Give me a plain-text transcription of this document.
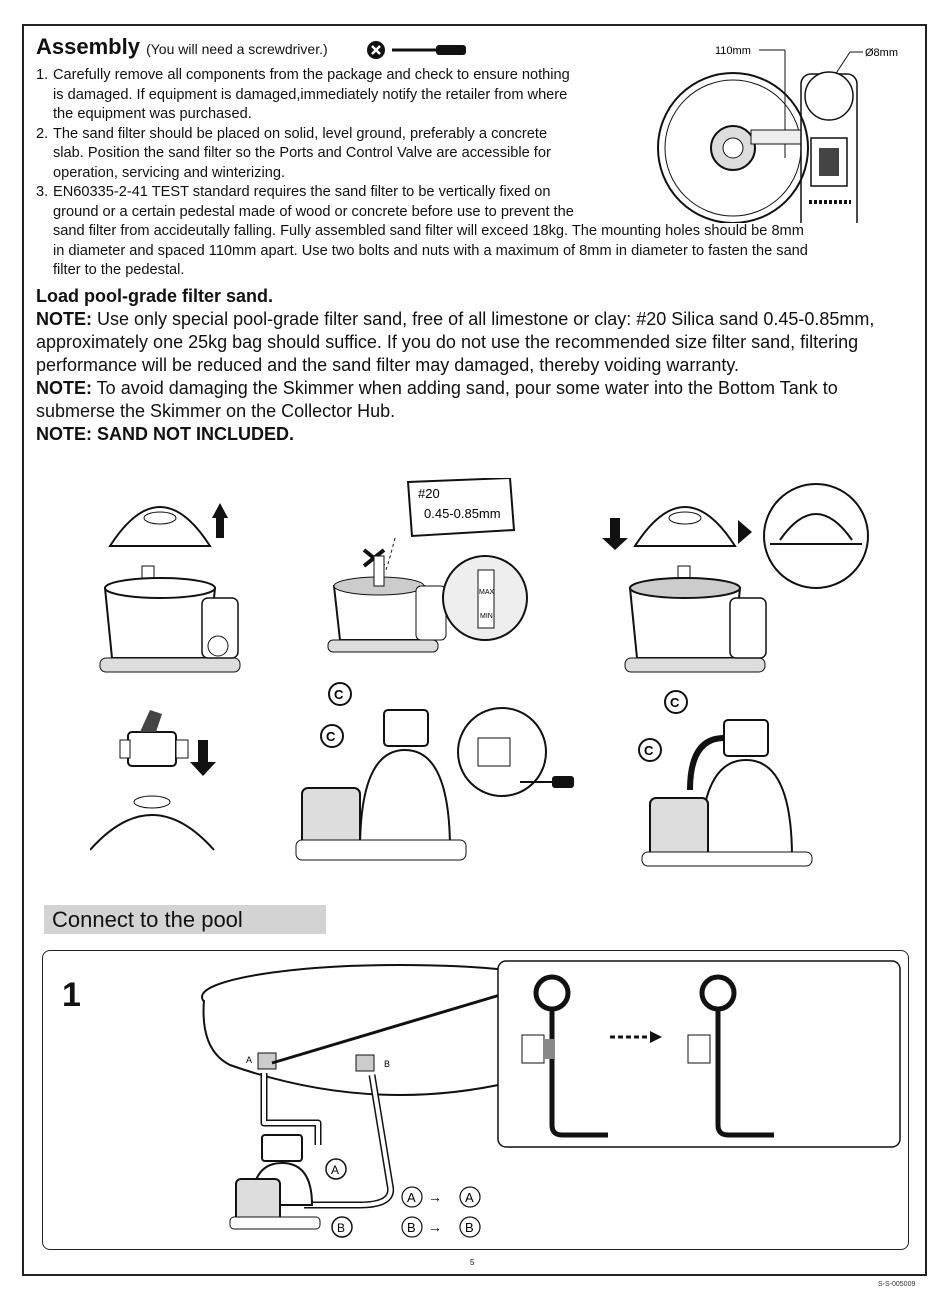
Assembly (You will need a screwdriver.)
1. Carefully remove all components from the package and check to ensure nothing
is damaged. If equipment is damaged,immediately notify the retailer from where
the equipment was purchased.
2. The sand filter should be placed on solid, level ground, preferably a concrete
slab. Position the sand filter so the Ports and Control Valve are accessible for
operation, servicing and winterizing.
3. EN60335-2-41 TEST standard requires the sand filter to be vertically fixed on
ground or a certain pedestal made of wood or concrete before use to prevent the
sand filter from accideutally falling. Fully assembled sand filter will exceed 18kg. The mounting holes should be 8mm
in diameter and spaced 110mm apart. Use two bolts and nuts with a maximum of 8mm in diameter to fasten the sand
filter to the pedestal.
110mm	Ø8mm

Load pool-grade filter sand.

NOTE: Use only special pool-grade filter sand, free of all limestone or clay: #20 Silica sand 0.45-0.85mm, approximately one 25kg bag should suffice. If you do not use the recommended size filter sand, filtering performance will be reduced and the sand filter may damaged, thereby voiding warranty.

NOTE: To avoid damaging the Skimmer when adding sand, pour some water into the Bottom Tank to submerse the Skimmer on the Collector Hub.

NOTE: SAND NOT INCLUDED.

#20
0.45-0.85mm
MAX
MIN
C
C
C
C
Connect to the pool
1
A	B
A
B
A → A
B → B
5
S-S-005009
